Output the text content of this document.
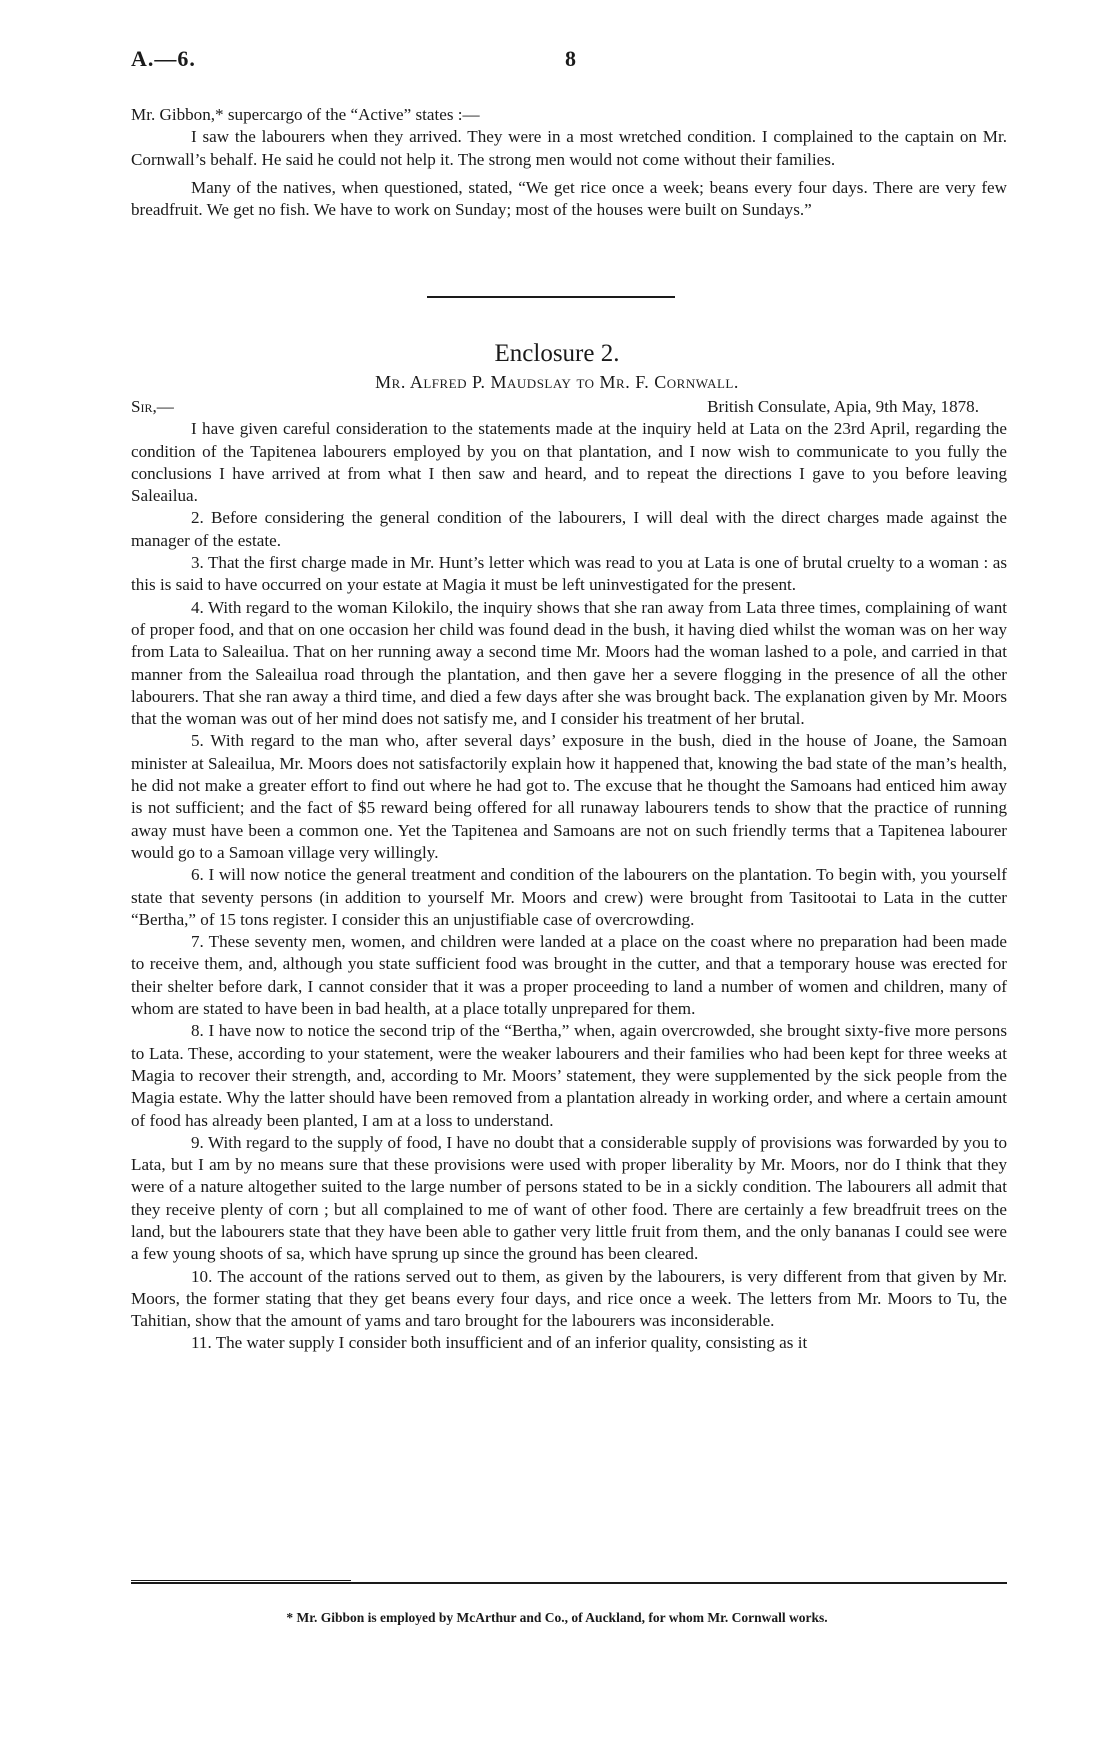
A.—6.	8

Mr. Gibbon,* supercargo of the “Active” states :—

I saw the labourers when they arrived. They were in a most wretched condition. I complained to the captain on Mr. Cornwall’s behalf. He said he could not help it. The strong men would not come without their families.

Many of the natives, when questioned, stated, “We get rice once a week; beans every four days. There are very few breadfruit. We get no fish. We have to work on Sunday; most of the houses were built on Sundays.”

Enclosure 2.
Mr. Alfred P. Maudslay to Mr. F. Cornwall.
Sir,—	British Consulate, Apia, 9th May, 1878.

I have given careful consideration to the statements made at the inquiry held at Lata on the 23rd April, regarding the condition of the Tapitenea labourers employed by you on that plantation, and I now wish to communicate to you fully the conclusions I have arrived at from what I then saw and heard, and to repeat the directions I gave to you before leaving Saleailua.

2. Before considering the general condition of the labourers, I will deal with the direct charges made against the manager of the estate.

3. That the first charge made in Mr. Hunt’s letter which was read to you at Lata is one of brutal cruelty to a woman : as this is said to have occurred on your estate at Magia it must be left uninvestigated for the present.

4. With regard to the woman Kilokilo, the inquiry shows that she ran away from Lata three times, complaining of want of proper food, and that on one occasion her child was found dead in the bush, it having died whilst the woman was on her way from Lata to Saleailua. That on her running away a second time Mr. Moors had the woman lashed to a pole, and carried in that manner from the Saleailua road through the plantation, and then gave her a severe flogging in the presence of all the other labourers. That she ran away a third time, and died a few days after she was brought back. The explanation given by Mr. Moors that the woman was out of her mind does not satisfy me, and I consider his treatment of her brutal.

5. With regard to the man who, after several days’ exposure in the bush, died in the house of Joane, the Samoan minister at Saleailua, Mr. Moors does not satisfactorily explain how it happened that, knowing the bad state of the man’s health, he did not make a greater effort to find out where he had got to. The excuse that he thought the Samoans had enticed him away is not sufficient; and the fact of $5 reward being offered for all runaway labourers tends to show that the practice of running away must have been a common one. Yet the Tapitenea and Samoans are not on such friendly terms that a Tapitenea labourer would go to a Samoan village very willingly.

6. I will now notice the general treatment and condition of the labourers on the plantation. To begin with, you yourself state that seventy persons (in addition to yourself Mr. Moors and crew) were brought from Tasitootai to Lata in the cutter “Bertha,” of 15 tons register. I consider this an unjustifiable case of overcrowding.

7. These seventy men, women, and children were landed at a place on the coast where no preparation had been made to receive them, and, although you state sufficient food was brought in the cutter, and that a temporary house was erected for their shelter before dark, I cannot consider that it was a proper proceeding to land a number of women and children, many of whom are stated to have been in bad health, at a place totally unprepared for them.

8. I have now to notice the second trip of the “Bertha,” when, again overcrowded, she brought sixty-five more persons to Lata. These, according to your statement, were the weaker labourers and their families who had been kept for three weeks at Magia to recover their strength, and, according to Mr. Moors’ statement, they were supplemented by the sick people from the Magia estate. Why the latter should have been removed from a plantation already in working order, and where a certain amount of food has already been planted, I am at a loss to understand.

9. With regard to the supply of food, I have no doubt that a considerable supply of provisions was forwarded by you to Lata, but I am by no means sure that these provisions were used with proper liberality by Mr. Moors, nor do I think that they were of a nature altogether suited to the large number of persons stated to be in a sickly condition. The labourers all admit that they receive plenty of corn ; but all complained to me of want of other food. There are certainly a few breadfruit trees on the land, but the labourers state that they have been able to gather very little fruit from them, and the only bananas I could see were a few young shoots of sa, which have sprung up since the ground has been cleared.

10. The account of the rations served out to them, as given by the labourers, is very different from that given by Mr. Moors, the former stating that they get beans every four days, and rice once a week. The letters from Mr. Moors to Tu, the Tahitian, show that the amount of yams and taro brought for the labourers was inconsiderable.

11. The water supply I consider both insufficient and of an inferior quality, consisting as it

* Mr. Gibbon is employed by McArthur and Co., of Auckland, for whom Mr. Cornwall works.
